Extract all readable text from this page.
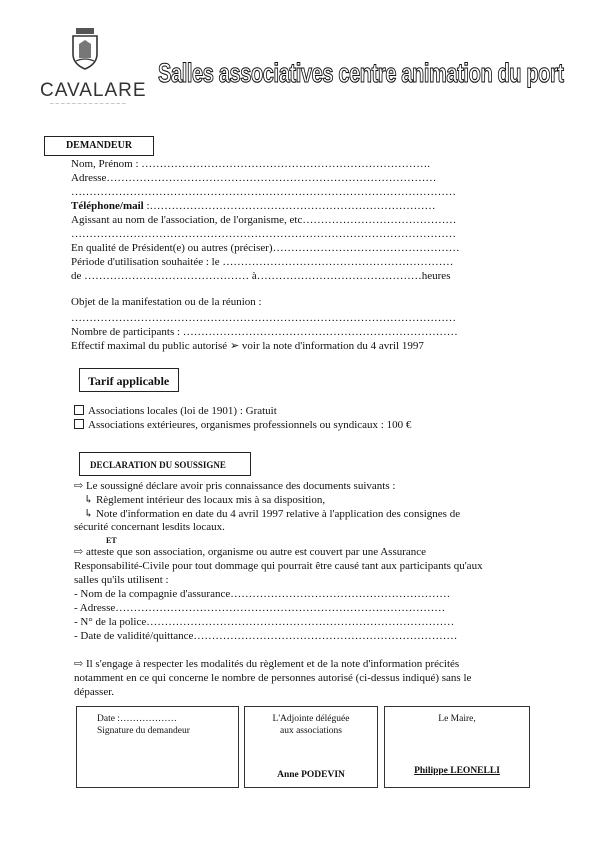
CAVALARE
──────────────
Salles associatives centre animation du port
DEMANDEUR
Nom, Prénom : …………………………………………………………………….
Adresse………………………………………………………………………………
……………………………………………………………………………………………
Téléphone/mail :……………………………………………………………………
Agissant au nom de l'association, de l'organisme, etc……………………………………
……………………………………………………………………………………………
En qualité de Président(e) ou autres (préciser)……………………………………………
Période d'utilisation souhaitée : le ………………………………………………………
de ……………………………………… à………………………………………heures
Objet de la manifestation ou de la réunion :
……………………………………………………………………………………………
Nombre de participants : …………………………………………………………………
Effectif maximal du public autorisé ➢ voir la note d'information du 4 avril 1997
Tarif applicable
Associations locales (loi de 1901) : Gratuit
Associations extérieures, organismes professionnels ou syndicaux : 100 €
DECLARATION DU SOUSSIGNE
⇨ Le soussigné déclare avoir pris connaissance des documents suivants :
↳ Règlement intérieur des locaux mis à sa disposition,
↳ Note d'information en date du 4 avril 1997 relative à l'application des consignes de
sécurité concernant lesdits locaux.
ET
⇨ atteste que son association, organisme ou autre est couvert par une Assurance
Responsabilité-Civile pour tout dommage qui pourrait être causé tant aux participants qu'aux
salles qu'ils utilisent :
- Nom de la compagnie d'assurance……………………………………………………
- Adresse………………………………………………………………………………
- N° de la police…………………………………………………………………………
- Date de validité/quittance………………………………………………………………
⇨ Il s'engage à respecter les modalités du règlement et de la note d'information précités
notamment en ce qui concerne le nombre de personnes autorisé (ci-dessus indiqué) sans le
dépasser.
Date :………………
Signature du demandeur
L'Adjointe déléguée
aux associations
Anne PODEVIN
Le Maire,
Philippe LEONELLI
